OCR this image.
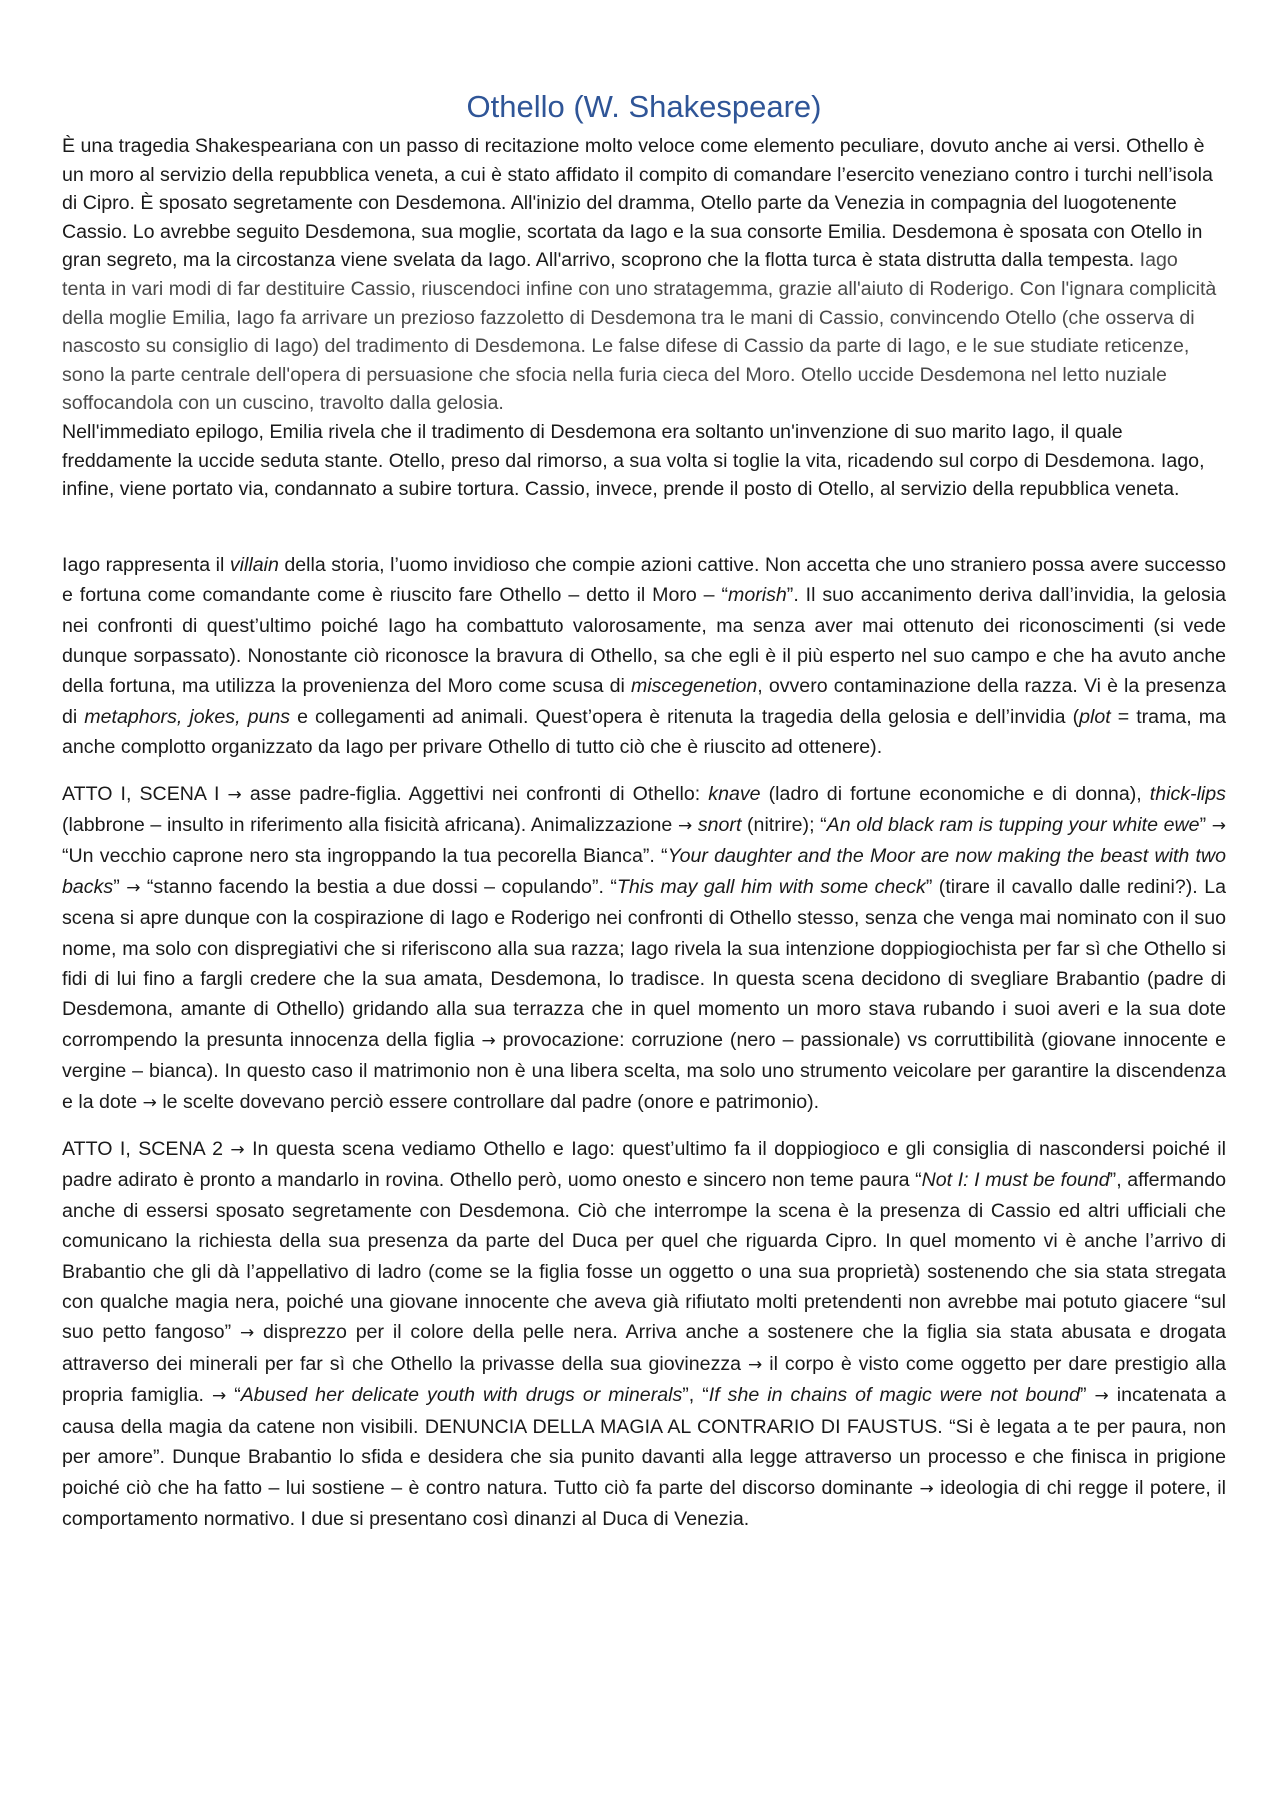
Othello (W. Shakespeare)

È una tragedia Shakespeariana con un passo di recitazione molto veloce come elemento peculiare, dovuto anche ai versi. Othello è un moro al servizio della repubblica veneta, a cui è stato affidato il compito di comandare l’esercito veneziano contro i turchi nell’isola di Cipro. È sposato segretamente con Desdemona. All'inizio del dramma, Otello parte da Venezia in compagnia del luogotenente Cassio. Lo avrebbe seguito Desdemona, sua moglie, scortata da Iago e la sua consorte Emilia. Desdemona è sposata con Otello in gran segreto, ma la circostanza viene svelata da Iago. All'arrivo, scoprono che la flotta turca è stata distrutta dalla tempesta. Iago tenta in vari modi di far destituire Cassio, riuscendoci infine con uno stratagemma, grazie all'aiuto di Roderigo. Con l'ignara complicità della moglie Emilia, Iago fa arrivare un prezioso fazzoletto di Desdemona tra le mani di Cassio, convincendo Otello (che osserva di nascosto su consiglio di Iago) del tradimento di Desdemona. Le false difese di Cassio da parte di Iago, e le sue studiate reticenze, sono la parte centrale dell'opera di persuasione che sfocia nella furia cieca del Moro. Otello uccide Desdemona nel letto nuziale soffocandola con un cuscino, travolto dalla gelosia.

Nell'immediato epilogo, Emilia rivela che il tradimento di Desdemona era soltanto un'invenzione di suo marito Iago, il quale freddamente la uccide seduta stante. Otello, preso dal rimorso, a sua volta si toglie la vita, ricadendo sul corpo di Desdemona. Iago, infine, viene portato via, condannato a subire tortura. Cassio, invece, prende il posto di Otello, al servizio della repubblica veneta.

Iago rappresenta il villain della storia, l’uomo invidioso che compie azioni cattive. Non accetta che uno straniero possa avere successo e fortuna come comandante come è riuscito fare Othello – detto il Moro – “morish”. Il suo accanimento deriva dall’invidia, la gelosia nei confronti di quest’ultimo poiché Iago ha combattuto valorosamente, ma senza aver mai ottenuto dei riconoscimenti (si vede dunque sorpassato). Nonostante ciò riconosce la bravura di Othello, sa che egli è il più esperto nel suo campo e che ha avuto anche della fortuna, ma utilizza la provenienza del Moro come scusa di miscegenetion, ovvero contaminazione della razza. Vi è la presenza di metaphors, jokes, puns e collegamenti ad animali. Quest’opera è ritenuta la tragedia della gelosia e dell’invidia (plot = trama, ma anche complotto organizzato da Iago per privare Othello di tutto ciò che è riuscito ad ottenere).

ATTO I, SCENA I → asse padre-figlia. Aggettivi nei confronti di Othello: knave (ladro di fortune economiche e di donna), thick-lips (labbrone – insulto in riferimento alla fisicità africana). Animalizzazione → snort (nitrire); “An old black ram is tupping your white ewe” → “Un vecchio caprone nero sta ingroppando la tua pecorella Bianca”. “Your daughter and the Moor are now making the beast with two backs” → “stanno facendo la bestia a due dossi – copulando”. “This may gall him with some check” (tirare il cavallo dalle redini?). La scena si apre dunque con la cospirazione di Iago e Roderigo nei confronti di Othello stesso, senza che venga mai nominato con il suo nome, ma solo con dispregiativi che si riferiscono alla sua razza; Iago rivela la sua intenzione doppiogiochista per far sì che Othello si fidi di lui fino a fargli credere che la sua amata, Desdemona, lo tradisce. In questa scena decidono di svegliare Brabantio (padre di Desdemona, amante di Othello) gridando alla sua terrazza che in quel momento un moro stava rubando i suoi averi e la sua dote corrompendo la presunta innocenza della figlia → provocazione: corruzione (nero – passionale) vs corruttibilità (giovane innocente e vergine – bianca). In questo caso il matrimonio non è una libera scelta, ma solo uno strumento veicolare per garantire la discendenza e la dote → le scelte dovevano perciò essere controllare dal padre (onore e patrimonio).

ATTO I, SCENA 2 → In questa scena vediamo Othello e Iago: quest’ultimo fa il doppiogioco e gli consiglia di nascondersi poiché il padre adirato è pronto a mandarlo in rovina. Othello però, uomo onesto e sincero non teme paura “Not I: I must be found”, affermando anche di essersi sposato segretamente con Desdemona. Ciò che interrompe la scena è la presenza di Cassio ed altri ufficiali che comunicano la richiesta della sua presenza da parte del Duca per quel che riguarda Cipro. In quel momento vi è anche l’arrivo di Brabantio che gli dà l’appellativo di ladro (come se la figlia fosse un oggetto o una sua proprietà) sostenendo che sia stata stregata con qualche magia nera, poiché una giovane innocente che aveva già rifiutato molti pretendenti non avrebbe mai potuto giacere “sul suo petto fangoso” → disprezzo per il colore della pelle nera. Arriva anche a sostenere che la figlia sia stata abusata e drogata attraverso dei minerali per far sì che Othello la privasse della sua giovinezza → il corpo è visto come oggetto per dare prestigio alla propria famiglia. → “Abused her delicate youth with drugs or minerals”, “If she in chains of magic were not bound” → incatenata a causa della magia da catene non visibili. DENUNCIA DELLA MAGIA AL CONTRARIO DI FAUSTUS. “Si è legata a te per paura, non per amore”. Dunque Brabantio lo sfida e desidera che sia punito davanti alla legge attraverso un processo e che finisca in prigione poiché ciò che ha fatto – lui sostiene – è contro natura. Tutto ciò fa parte del discorso dominante → ideologia di chi regge il potere, il comportamento normativo. I due si presentano così dinanzi al Duca di Venezia.
